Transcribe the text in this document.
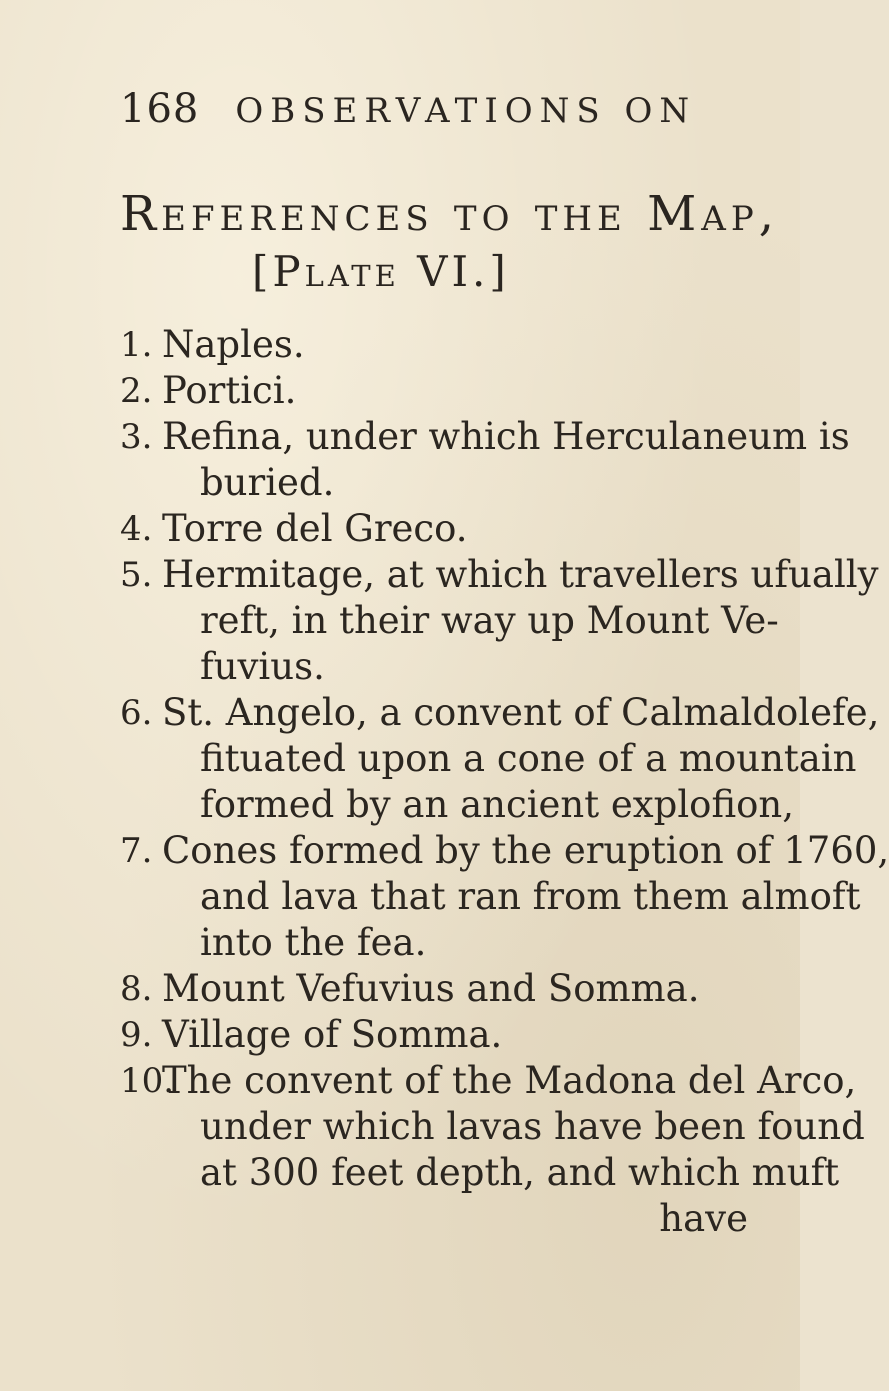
168 OBSERVATIONS ON
References to the Map,
[Plate VI.]
1. Naples.
2. Portici.
3. Refina, under which Herculaneum is
buried.
4. Torre del Greco.
5. Hermitage, at which travellers ufually
reft, in their way up Mount Ve-
fuvius.
6. St. Angelo, a convent of Calmaldolefe,
fituated upon a cone of a mountain
formed by an ancient explofion,
7. Cones formed by the eruption of 1760,
and lava that ran from them almoft
into the fea.
8. Mount Vefuvius and Somma.
9. Village of Somma.
10.
The convent of the Madona del Arco,
under which lavas have been found
at 300 feet depth, and which muft
have
